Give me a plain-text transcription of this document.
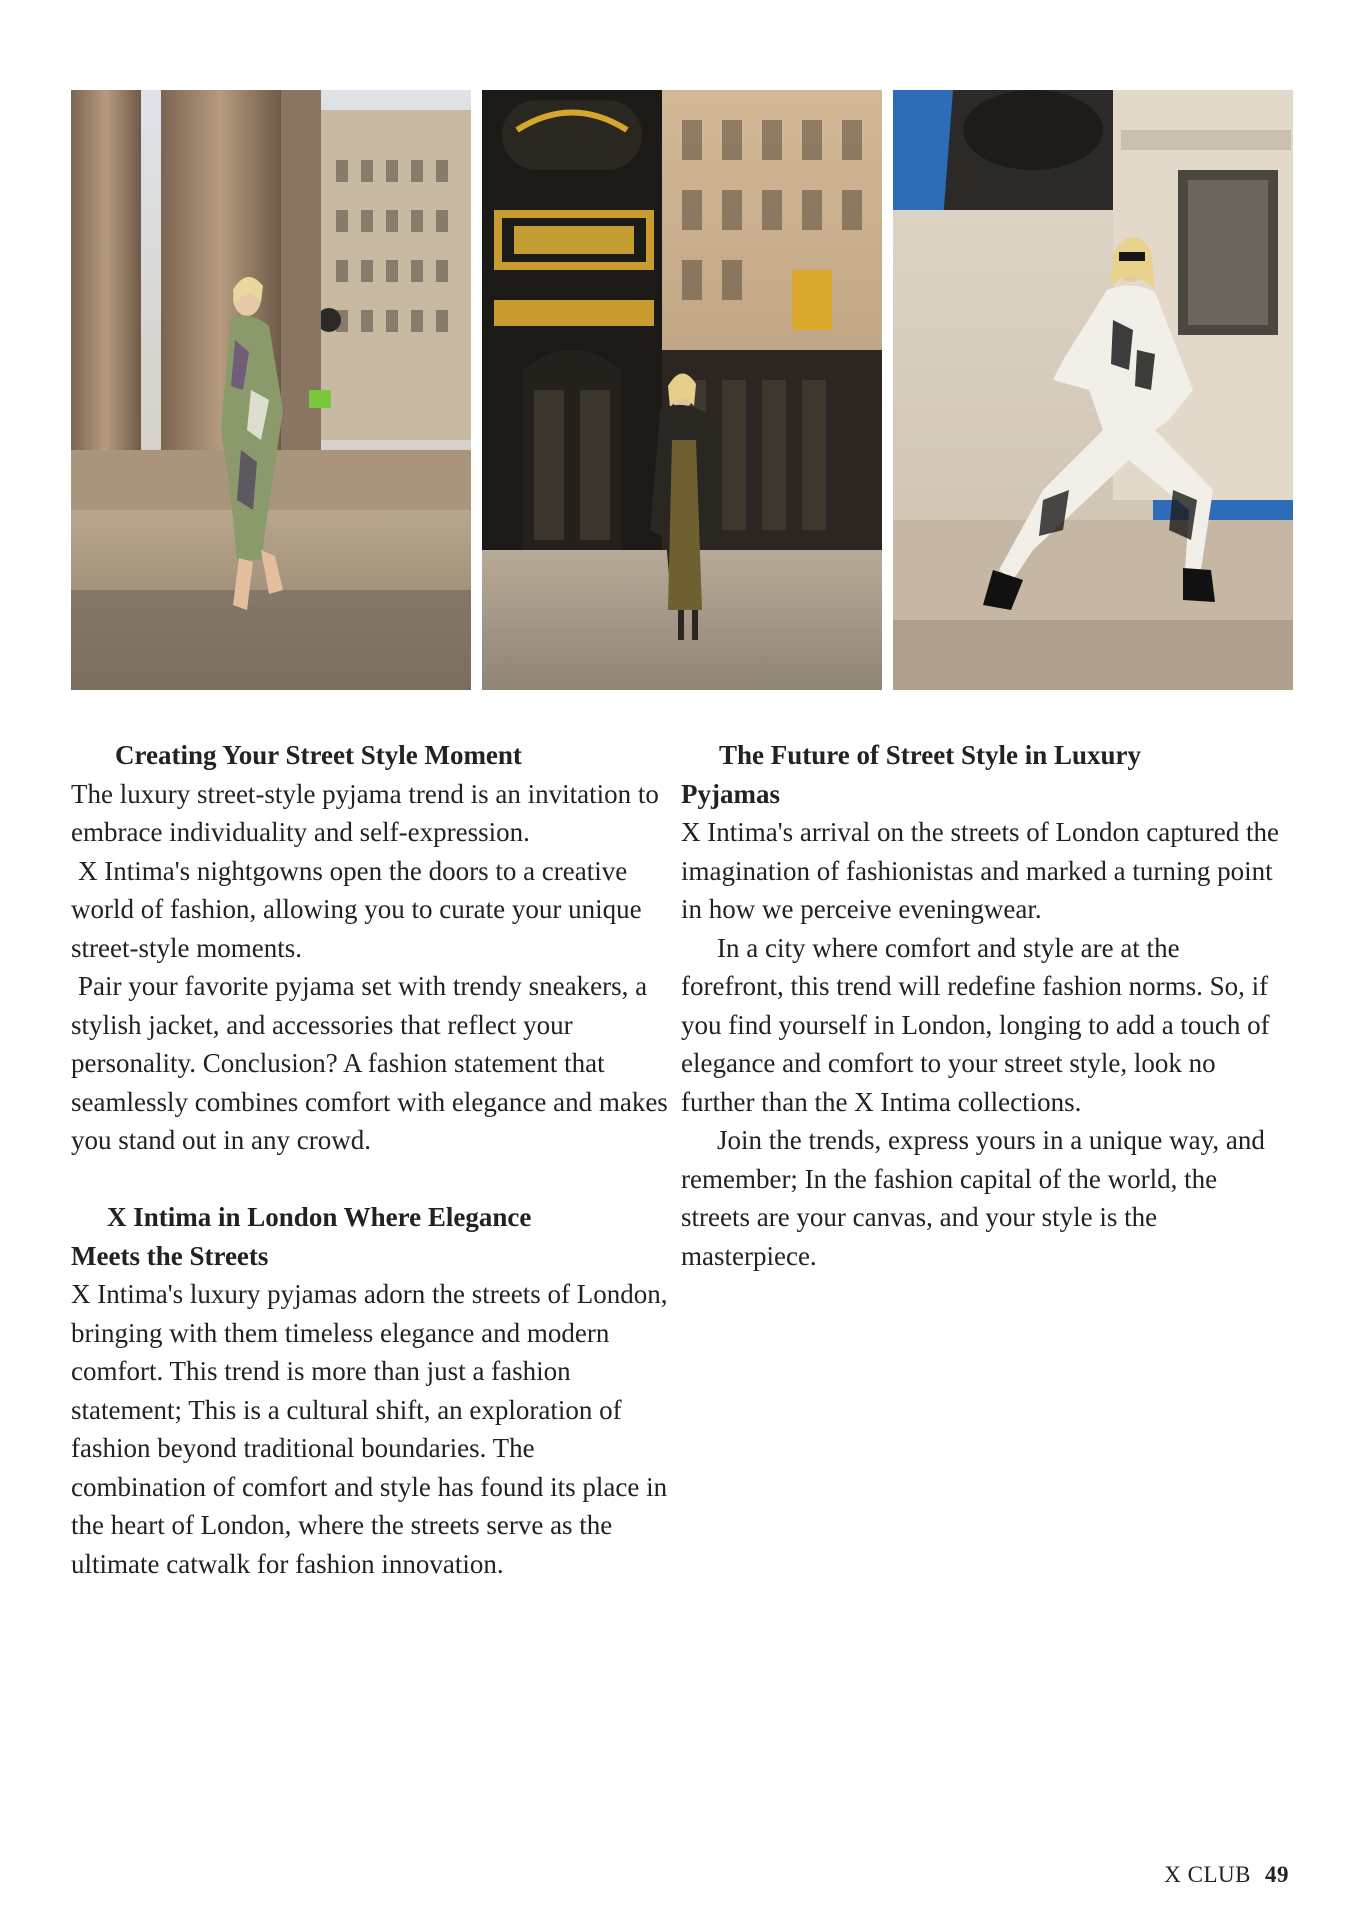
Creating Your Street Style Moment

The luxury street-style pyjama trend is an invitation to embrace individuality and self-expression.

X Intima's nightgowns open the doors to a creative world of fashion, allowing you to curate your unique street-style moments.

Pair your favorite pyjama set with trendy sneakers, a stylish jacket, and accessories that reflect your personality. Conclusion? A fashion statement that seamlessly combines comfort with elegance and makes you stand out in any crowd.

X Intima in London Where Elegance
Meets the Streets

X Intima's luxury pyjamas adorn the streets of London, bringing with them timeless elegance and modern comfort. This trend is more than just a fashion statement; This is a cultural shift, an exploration of fashion beyond traditional boundaries. The combination of comfort and style has found its place in the heart of London, where the streets serve as the ultimate catwalk for fashion innovation.

The Future of Street Style in Luxury
Pyjamas

X Intima's arrival on the streets of London captured the imagination of fashionistas and marked a turning point in how we perceive eveningwear.

In a city where comfort and style are at the forefront, this trend will redefine fashion norms. So, if you find yourself in London, longing to add a touch of elegance and comfort to your street style, look no further than the X Intima collections.

Join the trends, express yours in a unique way, and remember; In the fashion capital of the world, the streets are your canvas, and your style is the masterpiece.

X CLUB 49
